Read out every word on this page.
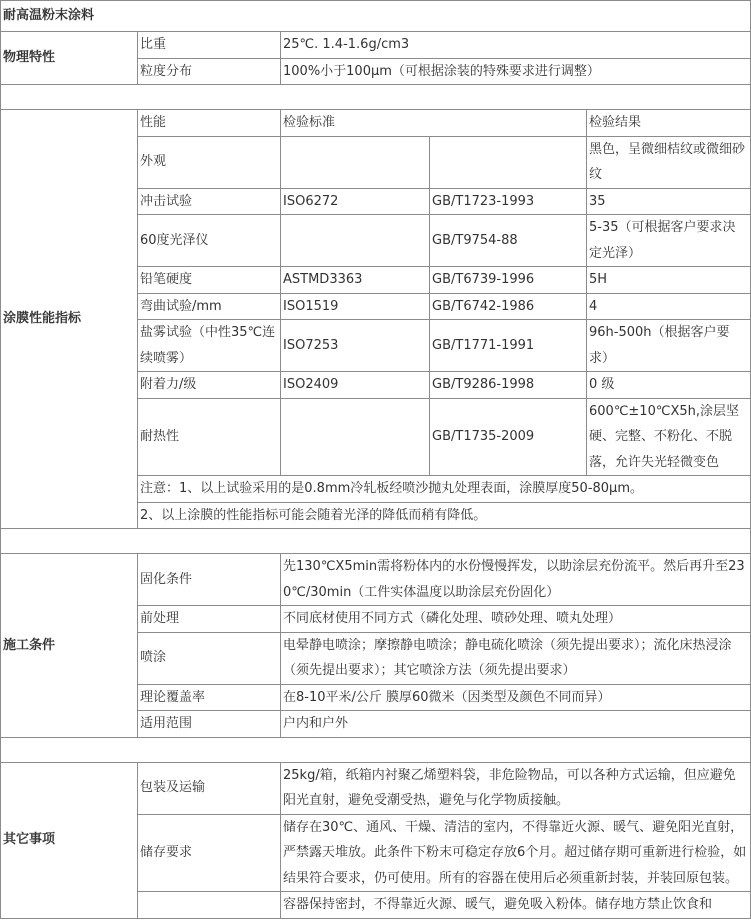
耐高温粉末涂料				
物理特性	比重	25℃. 1.4-1.6g/cm3		
	粒度分布	100%小于100μm（可根据涂装的特殊要求进行调整）		

涂膜性能指标	性能	检验标准		检验结果
	外观			黑色，呈微细桔纹或微细砂纹
	冲击试验	ISO6272	GB/T1723-1993	35
	60度光泽仪		GB/T9754-88	5-35（可根据客户要求决定光泽）
	铅笔硬度	ASTMD3363	GB/T6739-1996	5H
	弯曲试验/mm	ISO1519	GB/T6742-1986	4
	盐雾试验（中性35℃连续喷雾）	ISO7253	GB/T1771-1991	96h-500h（根据客户要求）
	附着力/级	ISO2409	GB/T9286-1998	0 级
	耐热性		GB/T1735-2009	600℃±10℃X5h,涂层坚硬、完整、不粉化、不脱落，允许失光轻微变色
	注意：1、以上试验采用的是0.8mm冷轧板经喷沙抛丸处理表面，涂膜厚度50-80μm。			
	2、以上涂膜的性能指标可能会随着光泽的降低而稍有降低。			

施工条件	固化条件	先130℃X5min需将粉体内的水份慢慢挥发，以助涂层充份流平。然后再升至230℃/30min（工件实体温度以助涂层充份固化）		
	前处理	不同底材使用不同方式（磷化处理、喷砂处理、喷丸处理）		
	喷涂	电晕静电喷涂；摩擦静电喷涂；静电硫化喷涂（须先提出要求）；流化床热浸涂（须先提出要求）；其它喷涂方法（须先提出要求）		
	理论覆盖率	在8-10平米/公斤 膜厚60微米（因类型及颜色不同而异）		
	适用范围	户内和户外		

其它事项	包装及运输	25kg/箱，纸箱内衬聚乙烯塑料袋，非危险物品，可以各种方式运输，但应避免阳光直射，避免受潮受热，避免与化学物质接触。		
	储存要求	储存在30℃、通风、干燥、清洁的室内，不得靠近火源、暖气、避免阳光直射，严禁露天堆放。此条件下粉末可稳定存放6个月。超过储存期可重新进行检验，如结果符合要求，仍可使用。所有的容器在使用后必须重新封装，并装回原包装。		
		容器保持密封，不得靠近火源、暖气，避免吸入粉体。储存地方禁止饮食和		
